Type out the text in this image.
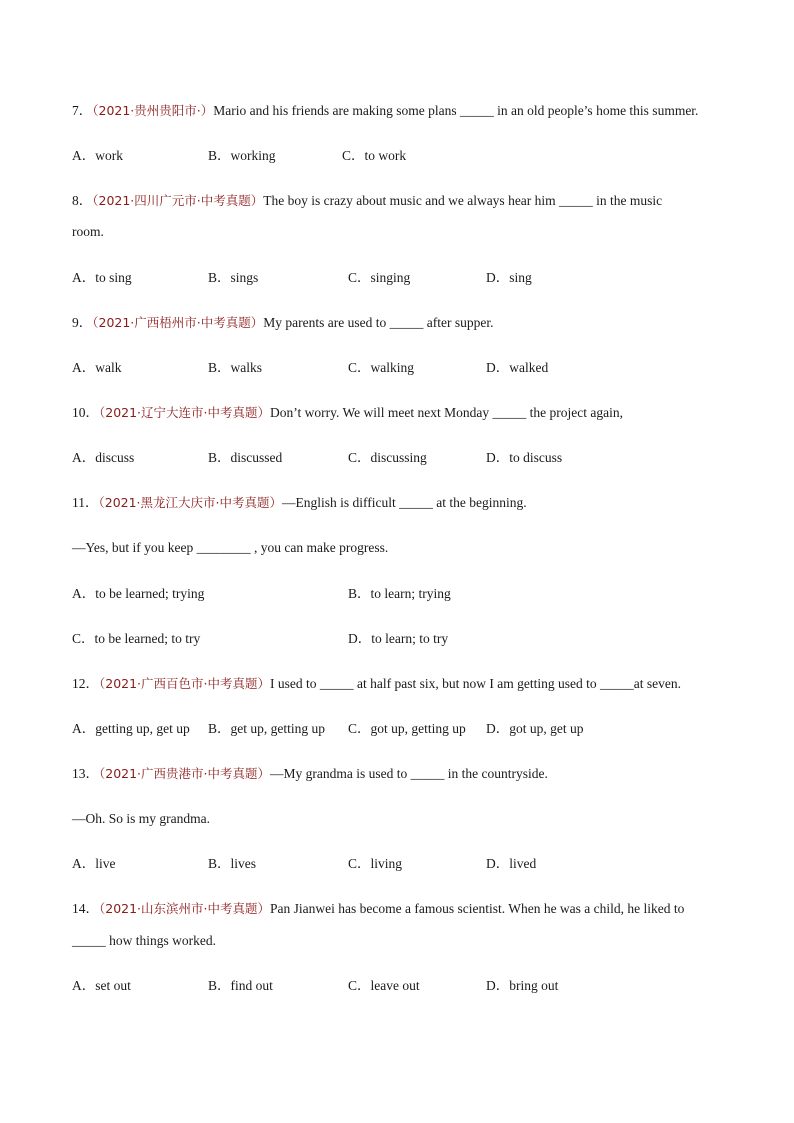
7．（2021·贵州贵阳市·）Mario and his friends are making some plans _____ in an old people’s home this summer.
A．work	B．working	C．to work
8．（2021·四川广元市·中考真题）The boy is crazy about music and we always hear him _____ in the music
room.
A．to sing	B．sings	C．singing	D．sing
9．（2021·广西梧州市·中考真题）My parents are used to _____ after supper.
A．walk	B．walks	C．walking	D．walked
10．（2021·辽宁大连市·中考真题）Don’t worry. We will meet next Monday _____ the project again,
A．discuss	B．discussed	C．discussing	D．to discuss
11．（2021·黑龙江大庆市·中考真题）—English is difficult _____ at the beginning.
—Yes, but if you keep ________ , you can make progress.
A．to be learned; trying	B．to learn; trying
C．to be learned; to try	D．to learn; to try
12．（2021·广西百色市·中考真题）I used to _____ at half past six, but now I am getting used to _____at seven.
A．getting up, get up B．get up, getting up C．got up, getting up D．got up, get up
13．（2021·广西贵港市·中考真题）—My grandma is used to _____ in the countryside.
—Oh. So is my grandma.
A．live	B．lives	C．living	D．lived
14．（2021·山东滨州市·中考真题）Pan Jianwei has become a famous scientist. When he was a child, he liked to
_____ how things worked.
A．set out	B．find out	C．leave out	D．bring out
